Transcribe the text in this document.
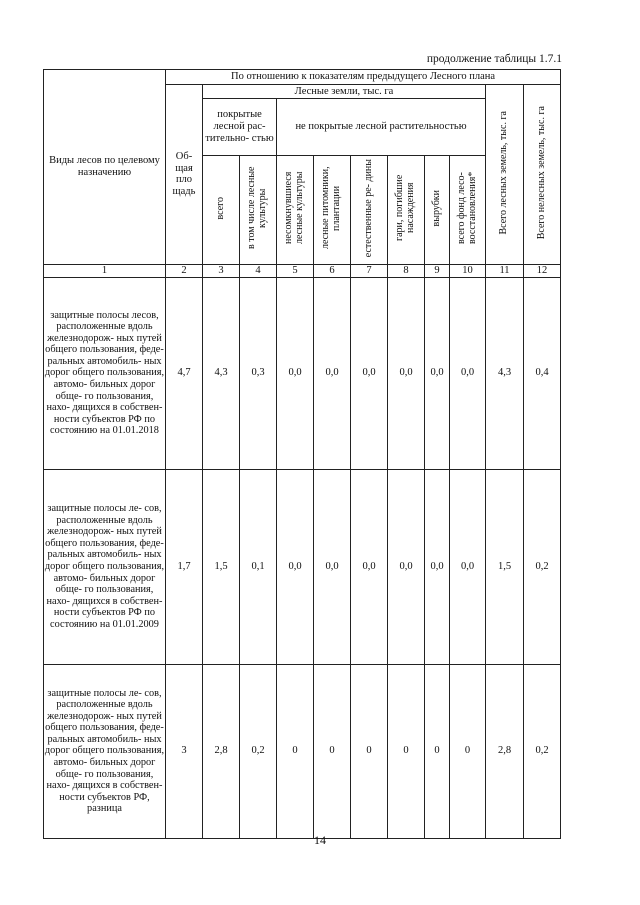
продолжение таблицы 1.7.1
Виды лесов по целевому назначению	По отношению к показателям предыдущего Лесного плана										
	Об- щая пло щадь	Лесные земли, тыс. га								Всего лесных земель, тыс. га	Всего нелесных земель, тыс. га
		покрытые лесной рас- тительно- стью		не покрытые лесной растительностью							
		всего	в том числе лесные культуры	несомкнувшиеся лесные культуры	лесные питомники, плантации	естественные ре- дины	гари, погибшие насаждения	вырубки	всего фонд лесо- восстановления*		

1	2	3	4	5	6	7	8	9	10	11	12
защитные полосы лесов, расположенные вдоль железнодорож- ных путей общего пользования, феде- ральных автомобиль- ных дорог общего пользования, автомо- бильных дорог обще- го пользования, нахо- дящихся в собствен- ности субъектов РФ по состоянию на 01.01.2018	4,7	4,3	0,3	0,0	0,0	0,0	0,0	0,0	0,0	4,3	0,4
защитные полосы ле- сов, расположенные вдоль железнодорож- ных путей общего пользования, феде- ральных автомобиль- ных дорог общего пользования, автомо- бильных дорог обще- го пользования, нахо- дящихся в собствен- ности субъектов РФ по состоянию на 01.01.2009	1,7	1,5	0,1	0,0	0,0	0,0	0,0	0,0	0,0	1,5	0,2
защитные полосы ле- сов, расположенные вдоль железнодорож- ных путей общего пользования, феде- ральных автомобиль- ных дорог общего пользования, автомо- бильных дорог обще- го пользования, нахо- дящихся в собствен- ности субъектов РФ, разница	3	2,8	0,2	0	0	0	0	0	0	2,8	0,2
14
